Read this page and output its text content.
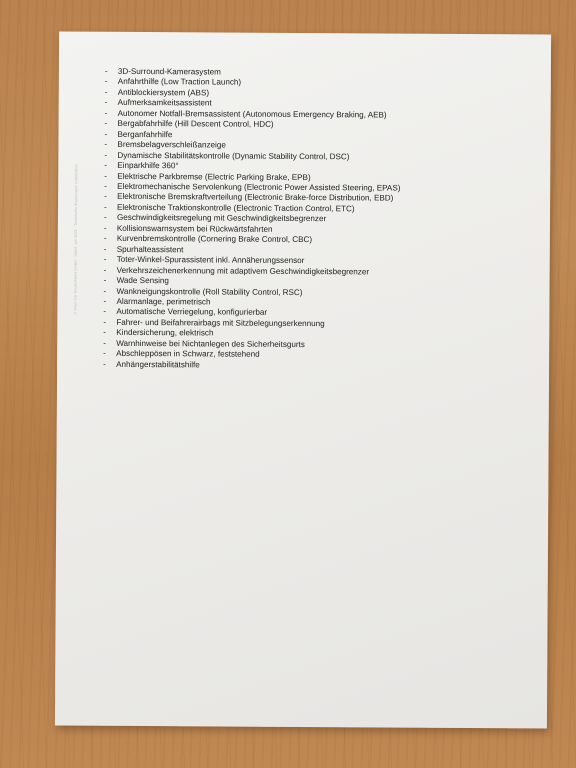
© Volvo Car Deutschland GmbH · Stand: Juli 2022 · Technische Änderungen vorbehalten
- 3D-Surround-Kamerasystem
- Anfahrthilfe (Low Traction Launch)
- Antiblockiersystem (ABS)
- Aufmerksamkeitsassistent
- Autonomer Notfall-Bremsassistent (Autonomous Emergency Braking, AEB)
- Bergabfahrhilfe (Hill Descent Control, HDC)
- Berganfahrhilfe
- Bremsbelagverschleißanzeige
- Dynamische Stabilitätskontrolle (Dynamic Stability Control, DSC)
- Einparkhilfe 360°
- Elektrische Parkbremse (Electric Parking Brake, EPB)
- Elektromechanische Servolenkung (Electronic Power Assisted Steering, EPAS)
- Elektronische Bremskraftverteilung (Electronic Brake-force Distribution, EBD)
- Elektronische Traktionskontrolle (Electronic Traction Control, ETC)
- Geschwindigkeitsregelung mit Geschwindigkeitsbegrenzer
- Kollisionswarnsystem bei Rückwärtsfahrten
- Kurvenbremskontrolle (Cornering Brake Control, CBC)
- Spurhalteassistent
- Toter-Winkel-Spurassistent inkl. Annäherungssensor
- Verkehrszeichenerkennung mit adaptivem Geschwindigkeitsbegrenzer
- Wade Sensing
- Wankneigungskontrolle (Roll Stability Control, RSC)
- Alarmanlage, perimetrisch
- Automatische Verriegelung, konfigurierbar
- Fahrer- und Beifahrerairbags mit Sitzbelegungserkennung
- Kindersicherung, elektrisch
- Warnhinweise bei Nichtanlegen des Sicherheitsgurts
- Abschleppösen in Schwarz, feststehend
- Anhängerstabilitätshilfe
